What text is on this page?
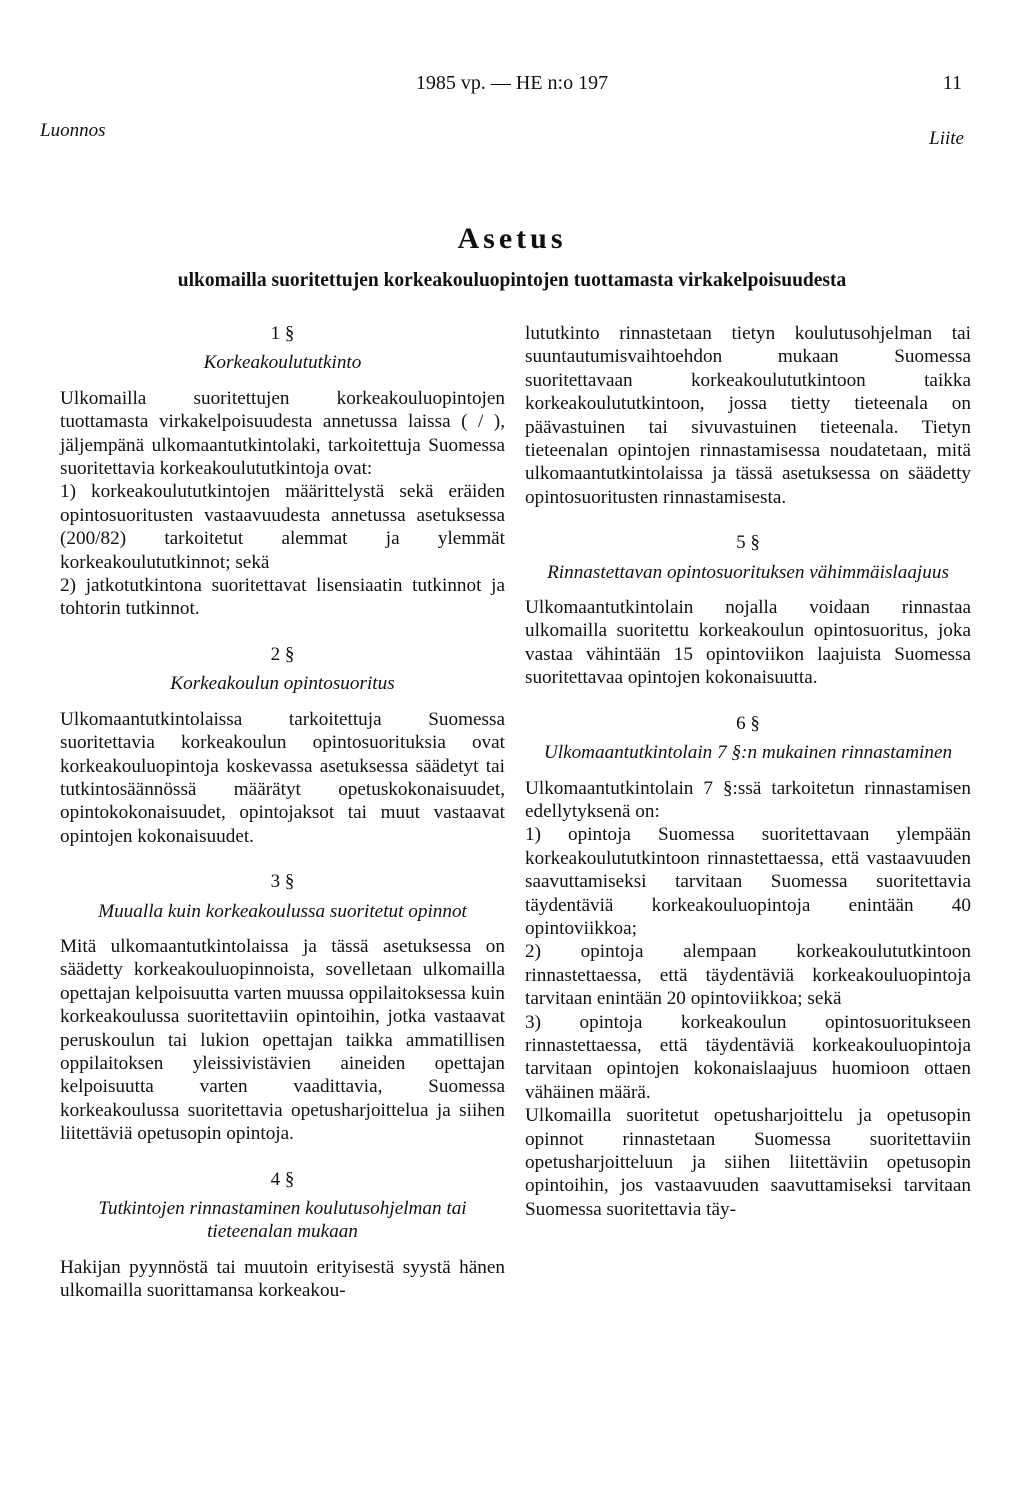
1985 vp. — HE n:o 197	11
Luonnos	Liite
Asetus
ulkomailla suoritettujen korkeakouluopintojen tuottamasta virkakelpoisuudesta
1 §
Korkeakoulututkinto

Ulkomailla suoritettujen korkeakouluopintojen tuottamasta virkakelpoisuudesta annetussa laissa ( / ), jäljempänä ulkomaantutkintolaki, tarkoitettuja Suomessa suoritettavia korkeakoulututkintoja ovat:

1) korkeakoulututkintojen määrittelystä sekä eräiden opintosuoritusten vastaavuudesta annetussa asetuksessa (200/82) tarkoitetut alemmat ja ylemmät korkeakoulututkinnot; sekä

2) jatkotutkintona suoritettavat lisensiaatin tutkinnot ja tohtorin tutkinnot.

2 §
Korkeakoulun opintosuoritus

Ulkomaantutkintolaissa tarkoitettuja Suomessa suoritettavia korkeakoulun opintosuorituksia ovat korkeakouluopintoja koskevassa asetuksessa säädetyt tai tutkintosäännössä määrätyt opetuskokonaisuudet, opintokokonaisuudet, opintojaksot tai muut vastaavat opintojen kokonaisuudet.

3 §
Muualla kuin korkeakoulussa suoritetut opinnot

Mitä ulkomaantutkintolaissa ja tässä asetuksessa on säädetty korkeakouluopinnoista, sovelletaan ulkomailla opettajan kelpoisuutta varten muussa oppilaitoksessa kuin korkeakoulussa suoritettaviin opintoihin, jotka vastaavat peruskoulun tai lukion opettajan taikka ammatillisen oppilaitoksen yleissivistävien aineiden opettajan kelpoisuutta varten vaadittavia, Suomessa korkeakoulussa suoritettavia opetusharjoittelua ja siihen liitettäviä opetusopin opintoja.

4 §
Tutkintojen rinnastaminen koulutusohjelman tai tieteenalan mukaan

Hakijan pyynnöstä tai muutoin erityisestä syystä hänen ulkomailla suorittamansa korkeakou-

lututkinto rinnastetaan tietyn koulutusohjelman tai suuntautumisvaihtoehdon mukaan Suomessa suoritettavaan korkeakoulututkintoon taikka korkeakoulututkintoon, jossa tietty tieteenala on päävastuinen tai sivuvastuinen tieteenala. Tietyn tieteenalan opintojen rinnastamisessa noudatetaan, mitä ulkomaantutkintolaissa ja tässä asetuksessa on säädetty opintosuoritusten rinnastamisesta.

5 §
Rinnastettavan opintosuorituksen vähimmäislaajuus

Ulkomaantutkintolain nojalla voidaan rinnastaa ulkomailla suoritettu korkeakoulun opintosuoritus, joka vastaa vähintään 15 opintoviikon laajuista Suomessa suoritettavaa opintojen kokonaisuutta.

6 §
Ulkomaantutkintolain 7 §:n mukainen rinnastaminen

Ulkomaantutkintolain 7 §:ssä tarkoitetun rinnastamisen edellytyksenä on:

1) opintoja Suomessa suoritettavaan ylempään korkeakoulututkintoon rinnastettaessa, että vastaavuuden saavuttamiseksi tarvitaan Suomessa suoritettavia täydentäviä korkeakouluopintoja enintään 40 opintoviikkoa;

2) opintoja alempaan korkeakoulututkintoon rinnastettaessa, että täydentäviä korkeakouluopintoja tarvitaan enintään 20 opintoviikkoa; sekä

3) opintoja korkeakoulun opintosuoritukseen rinnastettaessa, että täydentäviä korkeakouluopintoja tarvitaan opintojen kokonaislaajuus huomioon ottaen vähäinen määrä.

Ulkomailla suoritetut opetusharjoittelu ja opetusopin opinnot rinnastetaan Suomessa suoritettaviin opetusharjoitteluun ja siihen liitettäviin opetusopin opintoihin, jos vastaavuuden saavuttamiseksi tarvitaan Suomessa suoritettavia täy-
